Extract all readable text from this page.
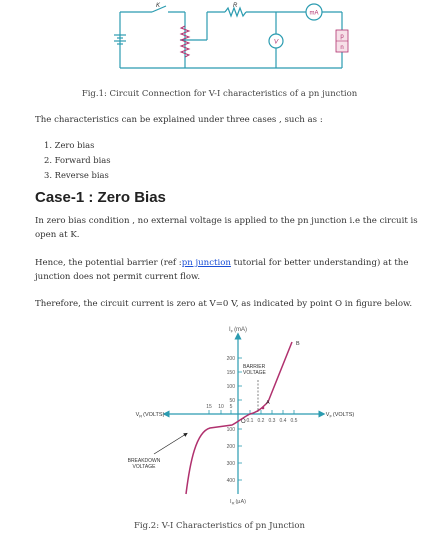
K	R
mA
V
p
n
Fig.1: Circuit Connection for V-I characteristics of a pn junction
The characteristics can be explained under three cases , such as :
1. Zero bias
2. Forward bias
3. Reverse bias
Case-1 : Zero Bias
In zero bias condition , no external voltage is applied to the pn junction i.e the circuit is open at K.
Hence, the potential barrier (ref :pn junction tutorial for better understanding) at the junction does not permit current flow.
Therefore, the circuit current is zero at V=0 V, as indicated by point O in figure below.
200
150
100
50
100
200
300
400
0.1 0.2 0.3 0.4 0.5
15 10 5
O
$I_F(mA)$
$V_R(VOLTS)$	$V_F(VOLTS)$
$I_R(\mu A)$
A
B
BARRIER VOLTAGE
BREAKDOWN VOLTAGE
Fig.2: V-I Characteristics of pn Junction
